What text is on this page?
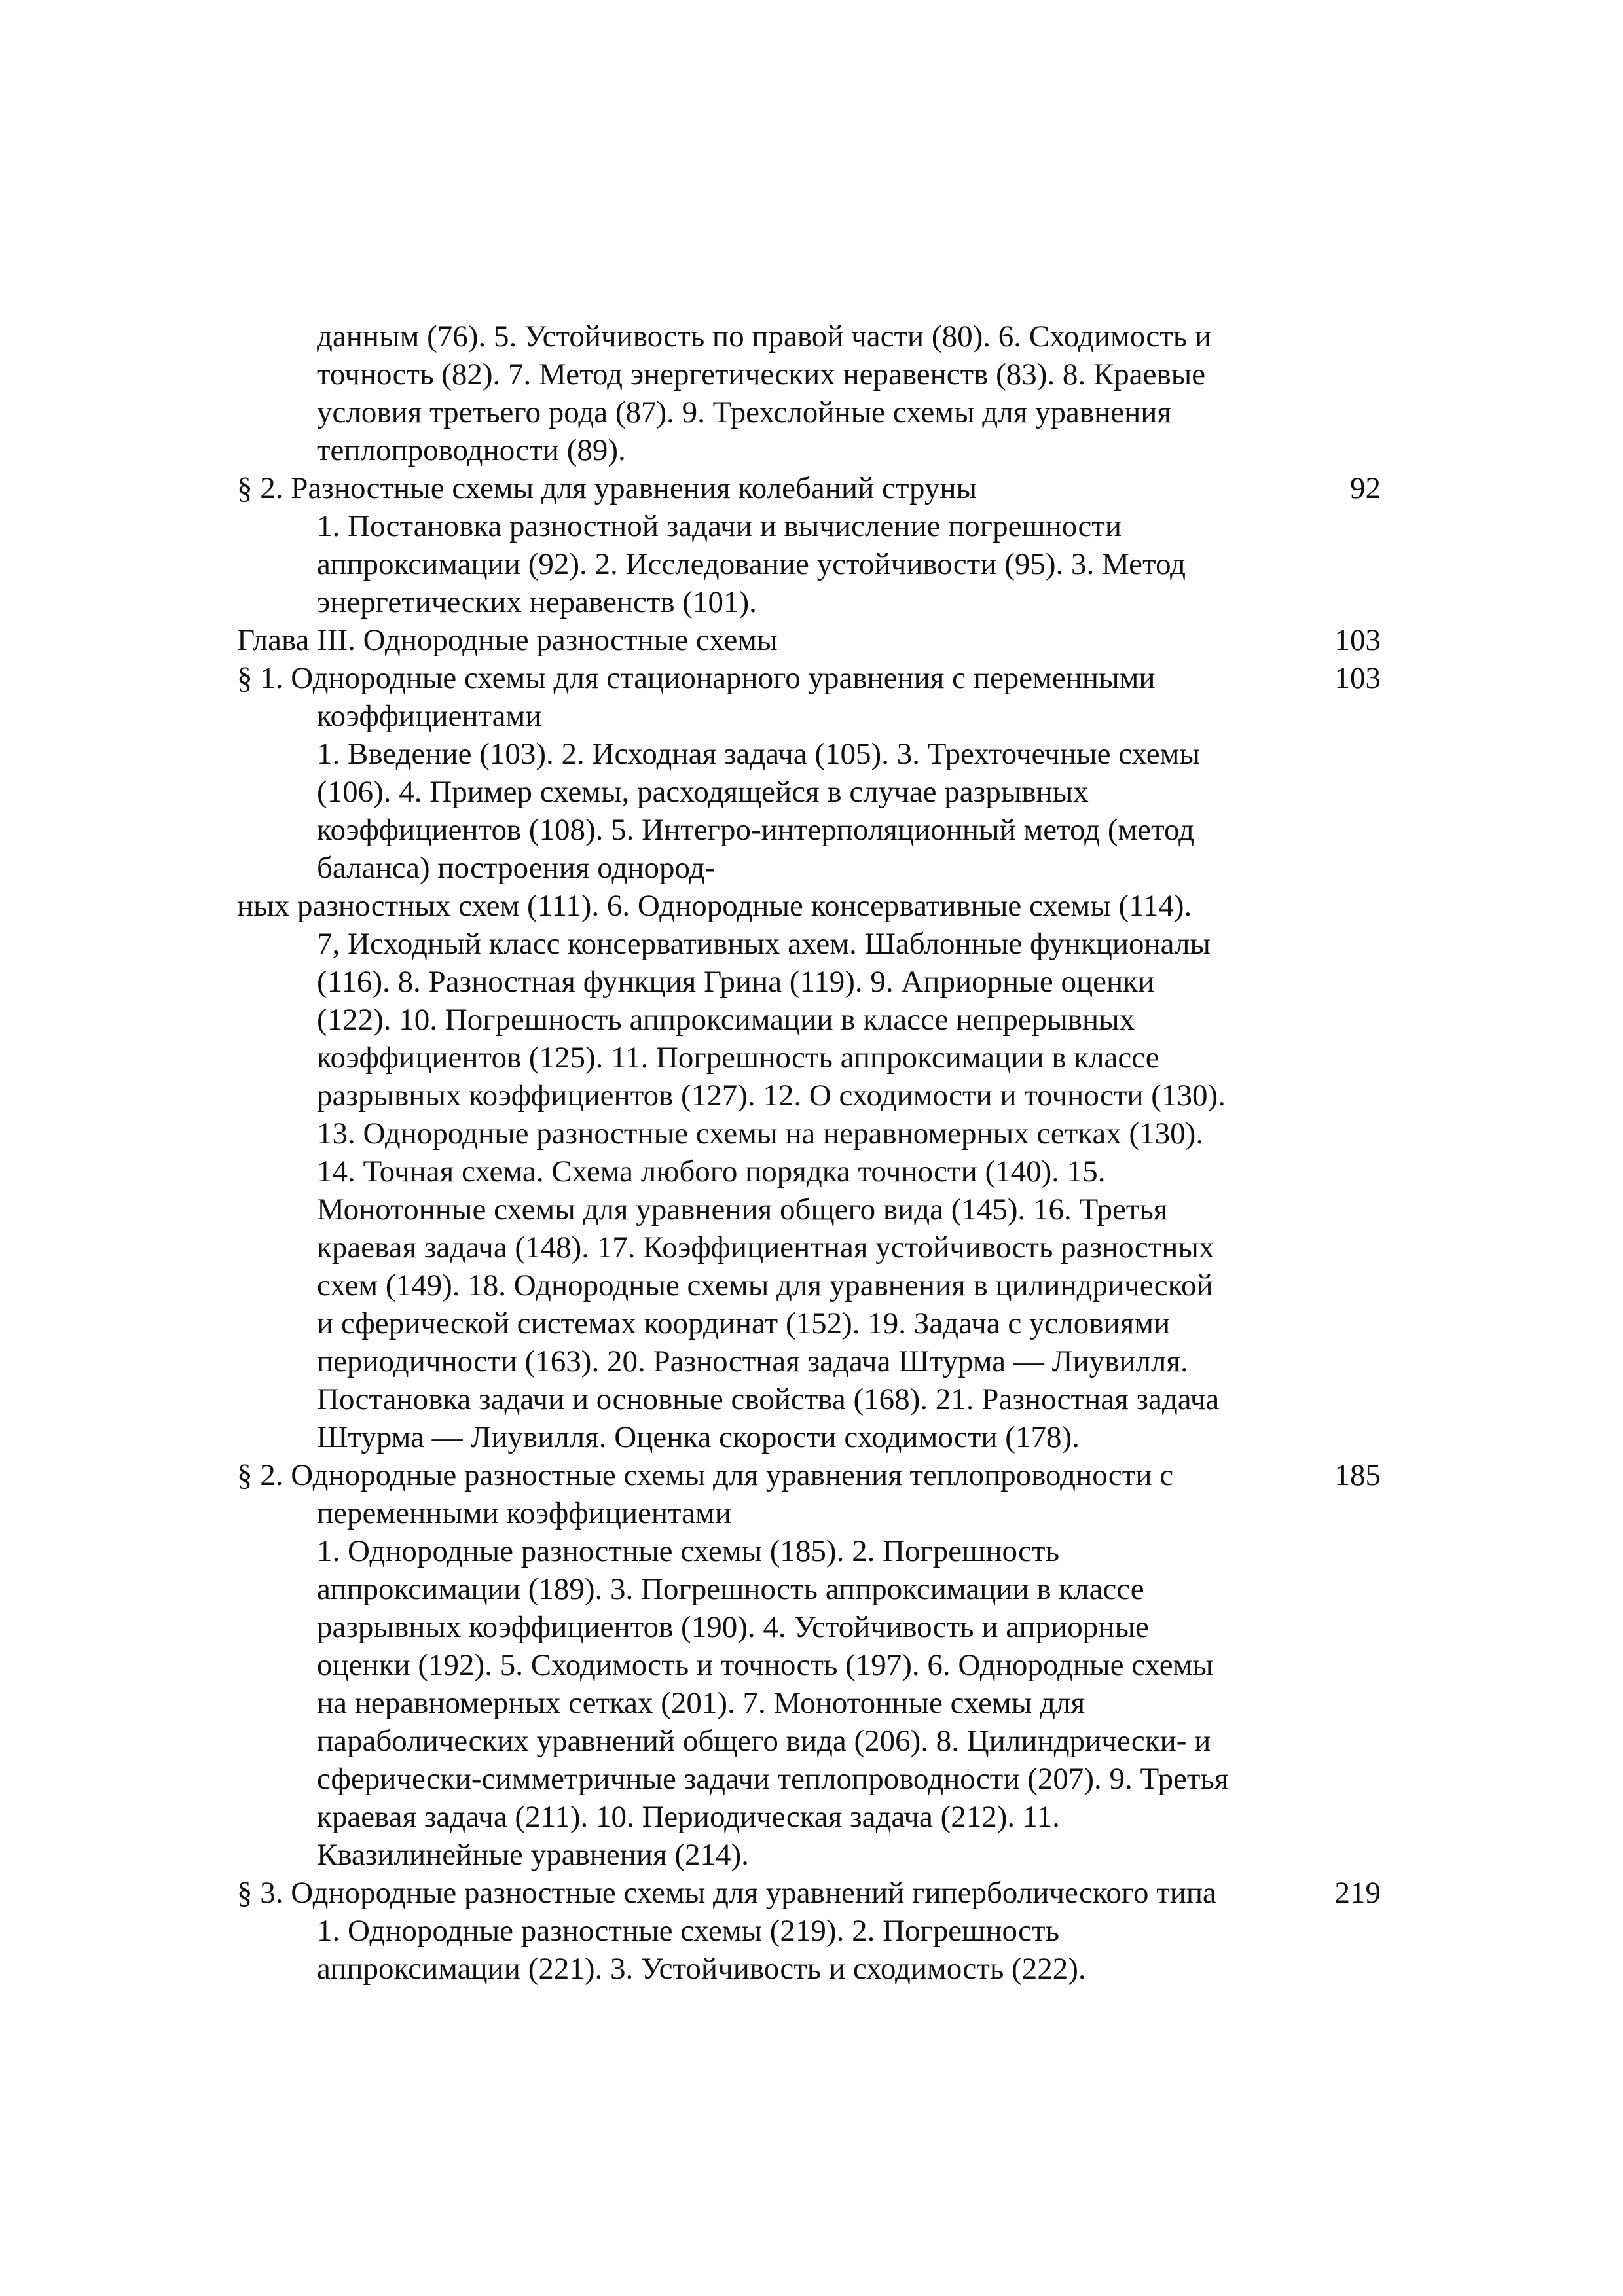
данным (76). 5. Устойчивость по правой части (80). 6. Сходимость и
точность (82). 7. Метод энергетических неравенств (83). 8. Краевые
условия третьего рода (87). 9. Трехслойные схемы для уравнения
теплопроводности (89).
§ 2. Разностные схемы для уравнения колебаний струны	92
1. Постановка разностной задачи и вычисление погрешности
аппроксимации (92). 2. Исследование устойчивости (95). 3. Метод
энергетических неравенств (101).
Глава III. Однородные разностные схемы	103
§ 1. Однородные схемы для стационарного уравнения с переменными	103
коэффициентами
1. Введение (103). 2. Исходная задача (105). 3. Трехточечные схемы
(106). 4. Пример схемы, расходящейся в случае разрывных
коэффициентов (108). 5. Интегро-интерполяционный метод (метод
баланса) построения однород-
ных разностных схем (111). 6. Однородные консервативные схемы (114).
7, Исходный класс консервативных ахем. Шаблонные функционалы
(116). 8. Разностная функция Грина (119). 9. Априорные оценки
(122). 10. Погрешность аппроксимации в классе непрерывных
коэффициентов (125). 11. Погрешность аппроксимации в классе
разрывных коэффициентов (127). 12. О сходимости и точности (130).
13. Однородные разностные схемы на неравномерных сетках (130).
14. Точная схема. Схема любого порядка точности (140). 15.
Монотонные схемы для уравнения общего вида (145). 16. Третья
краевая задача (148). 17. Коэффициентная устойчивость разностных
схем (149). 18. Однородные схемы для уравнения в цилиндрической
и сферической системах координат (152). 19. Задача с условиями
периодичности (163). 20. Разностная задача Штурма — Лиувилля.
Постановка задачи и основные свойства (168). 21. Разностная задача
Штурма — Лиувилля. Оценка скорости сходимости (178).
§ 2. Однородные разностные схемы для уравнения теплопроводности с	185
переменными коэффициентами
1. Однородные разностные схемы (185). 2. Погрешность
аппроксимации (189). 3. Погрешность аппроксимации в классе
разрывных коэффициентов (190). 4. Устойчивость и априорные
оценки (192). 5. Сходимость и точность (197). 6. Однородные схемы
на неравномерных сетках (201). 7. Монотонные схемы для
параболических уравнений общего вида (206). 8. Цилиндрически- и
сферически-симметричные задачи теплопроводности (207). 9. Третья
краевая задача (211). 10. Периодическая задача (212). 11.
Квазилинейные уравнения (214).
§ 3. Однородные разностные схемы для уравнений гиперболического типа	219
1. Однородные разностные схемы (219). 2. Погрешность
аппроксимации (221). 3. Устойчивость и сходимость (222).
